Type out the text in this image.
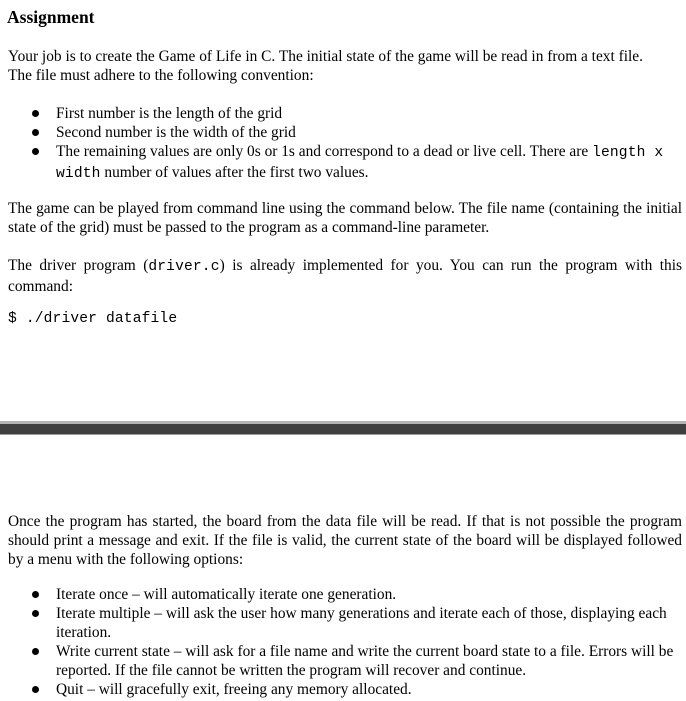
Assignment

Your job is to create the Game of Life in C. The initial state of the game will be read in from a text file.
The file must adhere to the following convention:

First number is the length of the grid
Second number is the width of the grid
The remaining values are only 0s or 1s and correspond to a dead or live cell. There are length x width number of values after the first two values.

The game can be played from command line using the command below. The file name (containing the initial state of the grid) must be passed to the program as a command-line parameter.

The driver program (driver.c) is already implemented for you. You can run the program with this command:

$ ./driver datafile

Once the program has started, the board from the data file will be read. If that is not possible the program should print a message and exit. If the file is valid, the current state of the board will be displayed followed by a menu with the following options:

Iterate once – will automatically iterate one generation.
Iterate multiple – will ask the user how many generations and iterate each of those, displaying each iteration.
Write current state – will ask for a file name and write the current board state to a file. Errors will be reported. If the file cannot be written the program will recover and continue.
Quit – will gracefully exit, freeing any memory allocated.
